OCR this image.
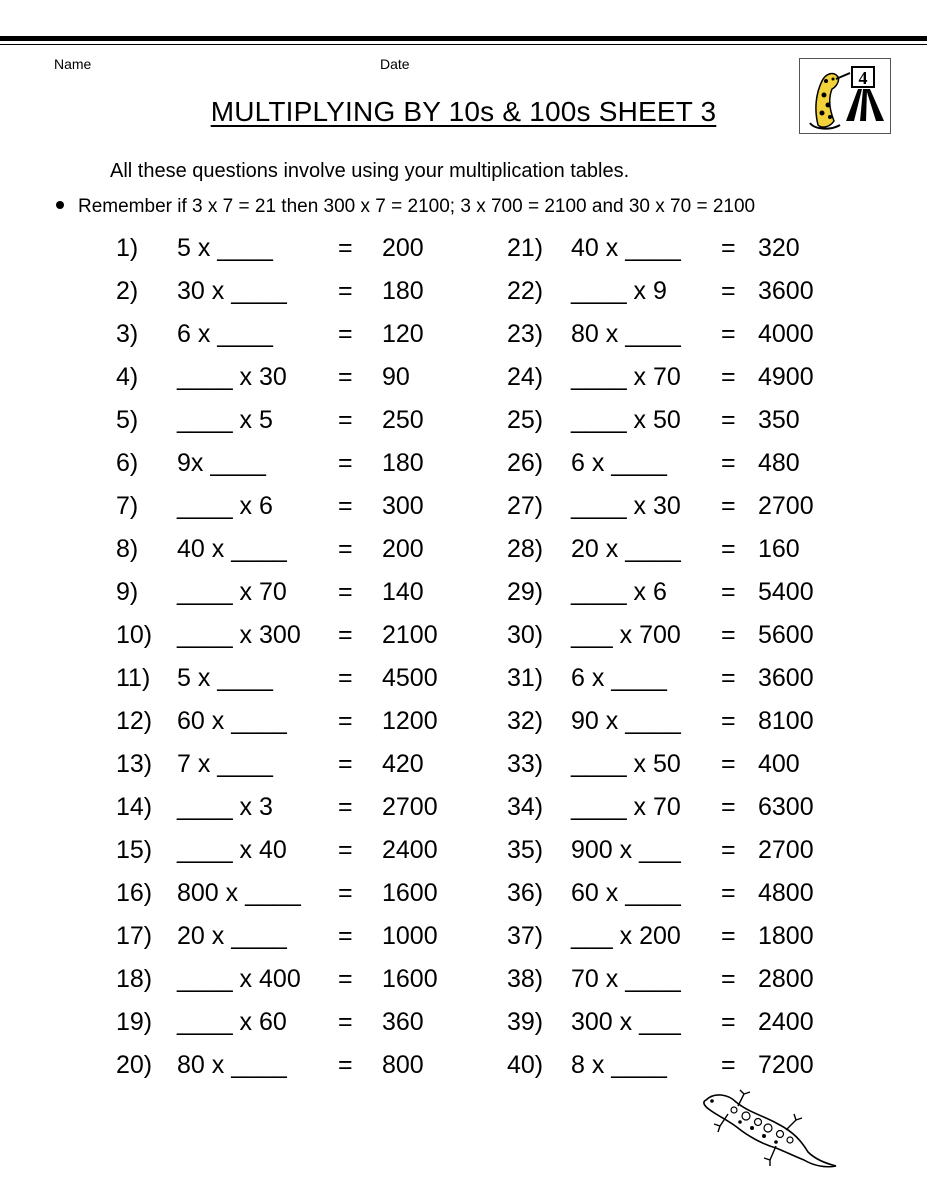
Name	Date
MULTIPLYING BY 10s & 100s SHEET 3
4
All these questions involve using your multiplication tables.
Remember if 3 x 7 = 21 then 300 x 7 = 2100; 3 x 700 = 2100 and 30 x 70 = 2100
1) 5 x ____	= 200
2) 30 x ____ = 180
3) 6 x ____	= 120
4) ____ x 30 = 90
5) ____ x 5	= 250
6) 9x ____	= 180
7) ____ x 6	= 300
8) 40 x ____ = 200
9) ____ x 70 = 140
10) ____ x 300 = 2100
11) 5 x ____	= 4500
12) 60 x ____ = 1200
13) 7 x ____	= 420
14) ____ x 3	= 2700
15) ____ x 40 = 2400
16) 800 x ____ = 1600
17) 20 x ____ = 1000
18) ____ x 400 = 1600
19) ____ x 60 = 360
20) 80 x ____ = 800
21) 40 x ____ = 320
22) ____ x 9 = 3600
23) 80 x ____ = 4000
24) ____ x 70 = 4900
25) ____ x 50 = 350
26) 6 x ____ = 480
27) ____ x 30 = 2700
28) 20 x ____ = 160
29) ____ x 6 = 5400
30) ___ x 700 = 5600
31) 6 x ____ = 3600
32) 90 x ____ = 8100
33) ____ x 50 = 400
34) ____ x 70 = 6300
35) 900 x ___ = 2700
36) 60 x ____ = 4800
37) ___ x 200 = 1800
38) 70 x ____ = 2800
39) 300 x ___ = 2400
40) 8 x ____ = 7200
